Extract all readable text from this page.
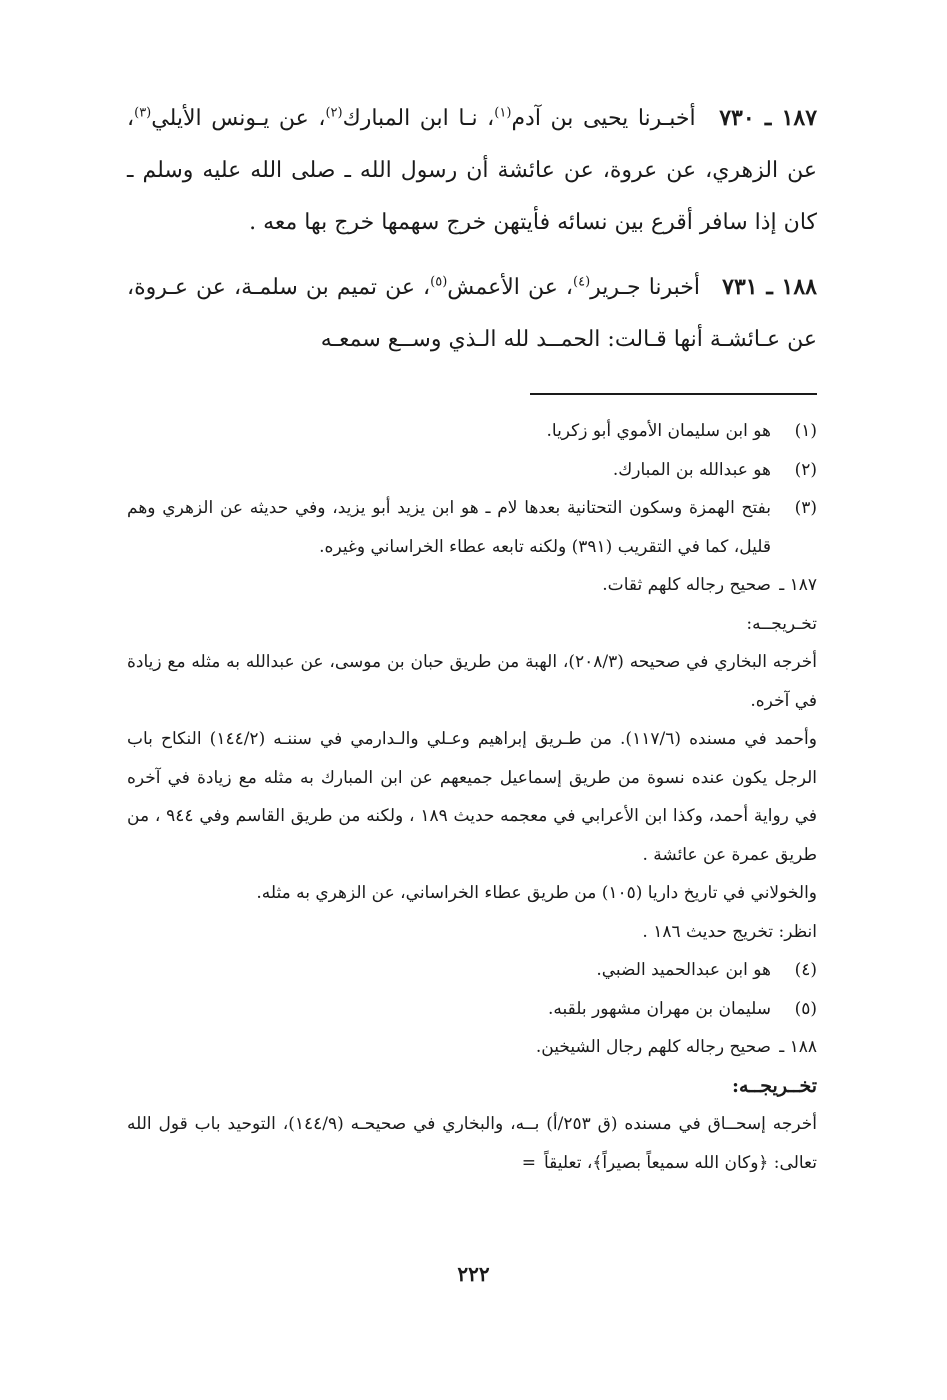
١٨٧ ـ ٧٣٠ أخبـرنا يحيى بن آدم$^{(١)}$، نـا ابن المبارك$^{(٢)}$، عن يـونس الأيلي$^{(٣)}$، عن الزهري، عن عروة، عن عائشة أن رسول الله ـ صلى الله عليه وسلم ـ كان إذا سافر أقرع بين نسائه فأيتهن خرج سهمها خرج بها معه .

١٨٨ ـ ٧٣١ أخبرنا جـرير$^{(٤)}$، عن الأعمش$^{(٥)}$، عن تميم بن سلمـة، عن عـروة، عن عـائشـة أنها قـالت: الحمــد لله الـذي وســع سمعـه

(١)
هو ابن سليمان الأموي أبو زكريا.
(٢)
هو عبدالله بن المبارك.
(٣)
بفتح الهمزة وسكون التحتانية بعدها لام ـ هو ابن يزيد أبو يزيد، وفي حديثه عن الزهري وهم قليل، كما في التقريب (٣٩١) ولكنه تابعه عطاء الخراساني وغيره.
١٨٧ ـ
صحيح رجاله كلهم ثقات.
تخـريجــه:
أخرجه البخاري في صحيحه (٢٠٨/٣)، الهبة من طريق حبان بن موسى، عن عبدالله به مثله مع زيادة في آخره.
وأحمد في مسنده (١١٧/٦). من طـريق إبراهيم وعـلي والـدارمي في سننـه (١٤٤/٢) النكاح باب الرجل يكون عنده نسوة من طريق إسماعيل جميعهم عن ابن المبارك به مثله مع زيادة في آخره في رواية أحمد، وكذا ابن الأعرابي في معجمه حديث ١٨٩ ، ولكنه من طريق القاسم وفي ٩٤٤ ، من طريق عمرة عن عائشة .
والخولاني في تاريخ داريا (١٠٥) من طريق عطاء الخراساني، عن الزهري به مثله.
انظر: تخريج حديث ١٨٦ .
(٤)
هو ابن عبدالحميد الضبي.
(٥)
سليمان بن مهران مشهور بلقبه.
١٨٨ ـ
صحيح رجاله كلهم رجال الشيخين.
تخــريجــه:
أخرجه إسحــاق في مسنده (ق ٢٥٣/أ) بــه، والبخاري في صحيحـه (١٤٤/٩)، التوحيد باب قول الله تعالى: ﴿وكان الله سميعاً بصيراً﴾، تعليقاً=
٢٢٢
